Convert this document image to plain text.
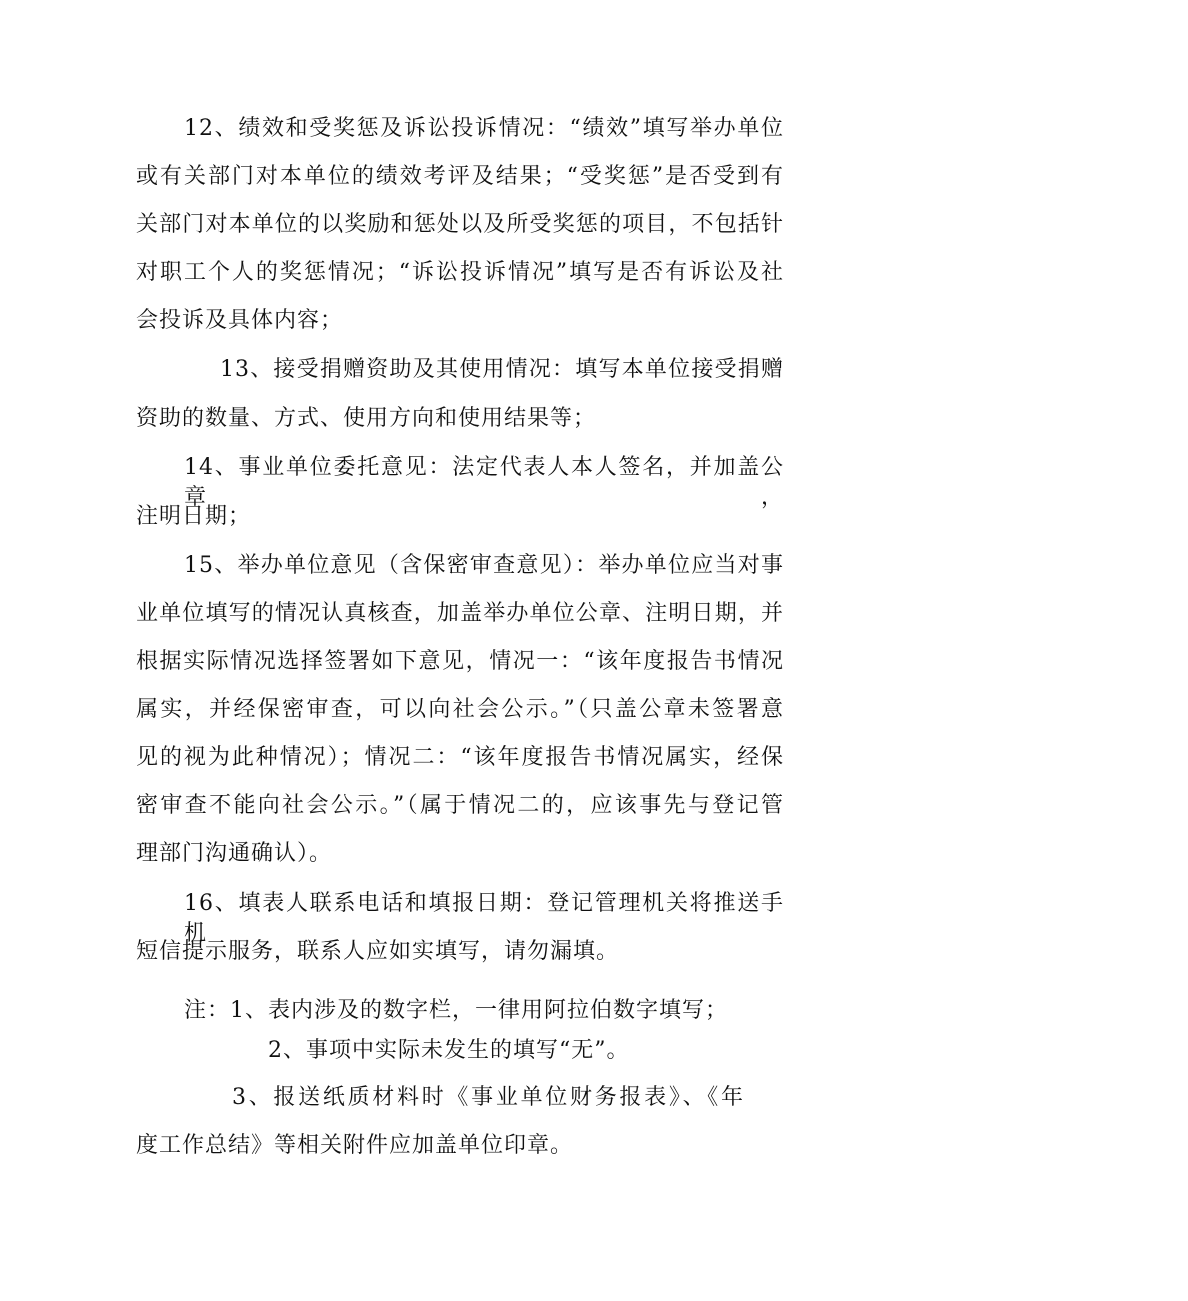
12、绩效和受奖惩及诉讼投诉情况：“绩效”填写举办单位
或有关部门对本单位的绩效考评及结果；“受奖惩”是否受到有
关部门对本单位的以奖励和惩处以及所受奖惩的项目，不包括针
对职工个人的奖惩情况；“诉讼投诉情况”填写是否有诉讼及社
会投诉及具体内容；
13、接受捐赠资助及其使用情况：填写本单位接受捐赠
资助的数量、方式、使用方向和使用结果等；
14、事业单位委托意见：法定代表人本人签名，并加盖公章，
注明日期；
15、举办单位意见（含保密审查意见）：举办单位应当对事
业单位填写的情况认真核查，加盖举办单位公章、注明日期，并
根据实际情况选择签署如下意见，情况一：“该年度报告书情况
属实，并经保密审查，可以向社会公示。”（只盖公章未签署意
见的视为此种情况）；情况二：“该年度报告书情况属实，经保
密审查不能向社会公示。”（属于情况二的，应该事先与登记管
理部门沟通确认）。
16、填表人联系电话和填报日期：登记管理机关将推送手机
短信提示服务，联系人应如实填写，请勿漏填。
注：1、表内涉及的数字栏，一律用阿拉伯数字填写；
2、事项中实际未发生的填写“无”。
3、报送纸质材料时《事业单位财务报表》、《年
度工作总结》等相关附件应加盖单位印章。
